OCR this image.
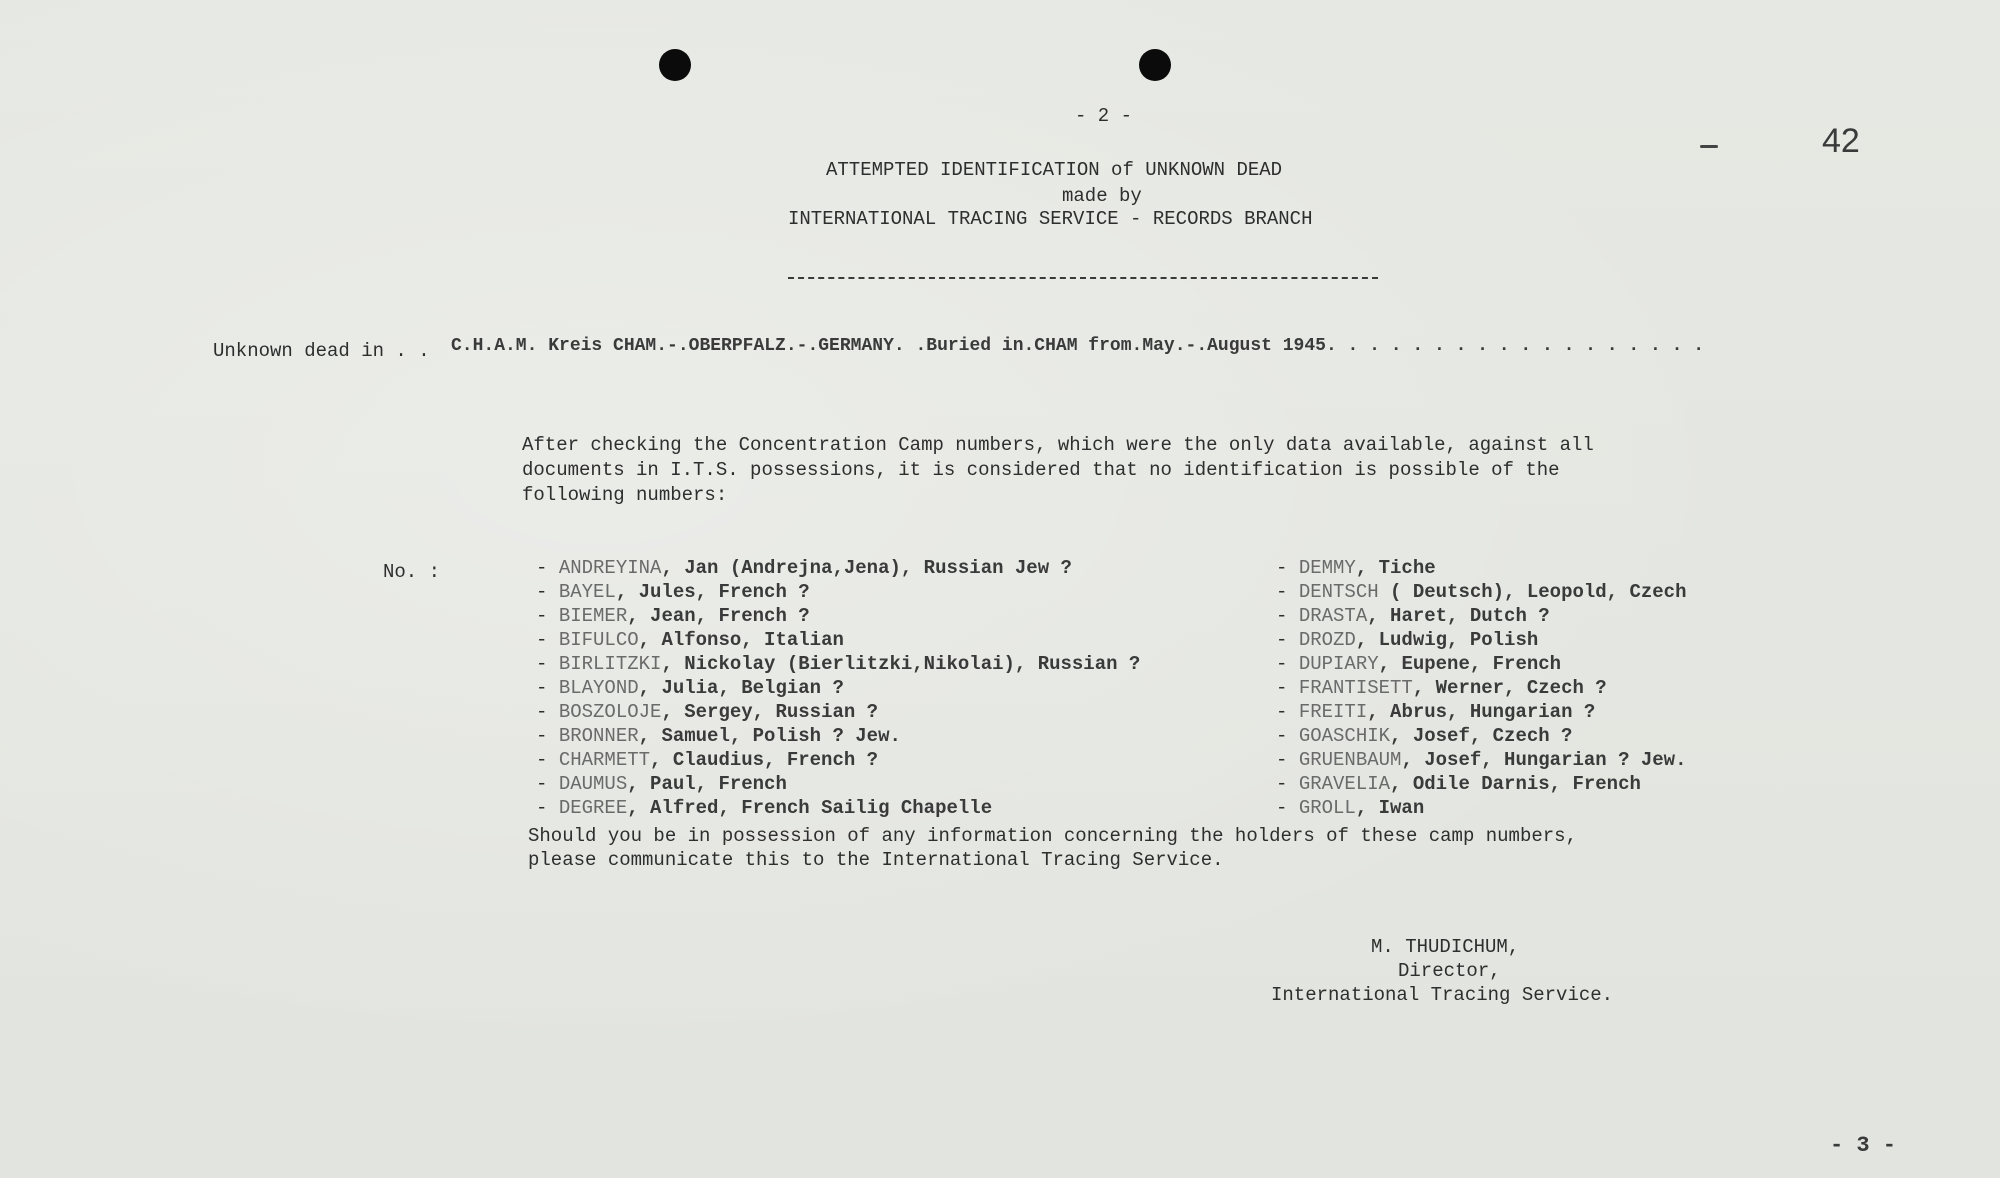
- 2 -
42
ATTEMPTED IDENTIFICATION of UNKNOWN DEAD
made by
INTERNATIONAL TRACING SERVICE - RECORDS BRANCH
Unknown dead in . . C.H.A.M. Kreis CHAM.-.OBERPFALZ.-.GERMANY. .Buried in.CHAM from.May.-.August 1945. . . . . . . . . . . . . . . . . .
After checking the Concentration Camp numbers, which were the only data available, against all
documents in I.T.S. possessions, it is considered that no identification is possible of the
following numbers:
No. :	- ANDREYINA, Jan (Andrejna,Jena), Russian Jew ?
- BAYEL, Jules, French ?
- BIEMER, Jean, French ?
- BIFULCO, Alfonso, Italian
- BIRLITZKI, Nickolay (Bierlitzki,Nikolai), Russian ?
- BLAYOND, Julia, Belgian ?
- BOSZOLOJE, Sergey, Russian ?
- BRONNER, Samuel, Polish ? Jew.
- CHARMETT, Claudius, French ?
- DAUMUS, Paul, French
- DEGREE, Alfred, French Sailig Chapelle
- DEMMY, Tiche
- DENTSCH ( Deutsch), Leopold, Czech
- DRASTA, Haret, Dutch ?
- DROZD, Ludwig, Polish
- DUPIARY, Eupene, French
- FRANTISETT, Werner, Czech ?
- FREITI, Abrus, Hungarian ?
- GOASCHIK, Josef, Czech ?
- GRUENBAUM, Josef, Hungarian ? Jew.
- GRAVELIA, Odile Darnis, French
- GROLL, Iwan
Should you be in possession of any information concerning the holders of these camp numbers,
please communicate this to the International Tracing Service.
M. THUDICHUM,
Director,
International Tracing Service.
- 3 -
